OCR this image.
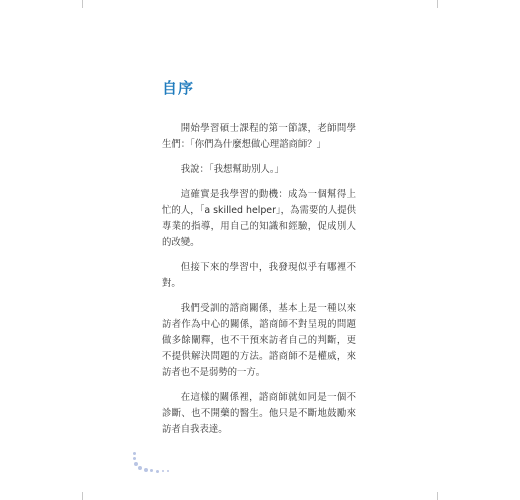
自序

開始學習碩士課程的第一節課，老師問學生們：「你們為什麼想做心理諮商師？」

我說：「我想幫助別人。」

這確實是我學習的動機：成為一個幫得上忙的人，「a skilled helper」，為需要的人提供專業的指導，用自己的知識和經驗，促成別人的改變。

但接下來的學習中，我發現似乎有哪裡不對。

我們受訓的諮商關係，基本上是一種以來訪者作為中心的關係，諮商師不對呈現的問題做多餘闡釋，也不干預來訪者自己的判斷，更不提供解決問題的方法。諮商師不是權威，來訪者也不是弱勢的一方。

在這樣的關係裡，諮商師就如同是一個不診斷、也不開藥的醫生。他只是不斷地鼓勵來訪者自我表達。
